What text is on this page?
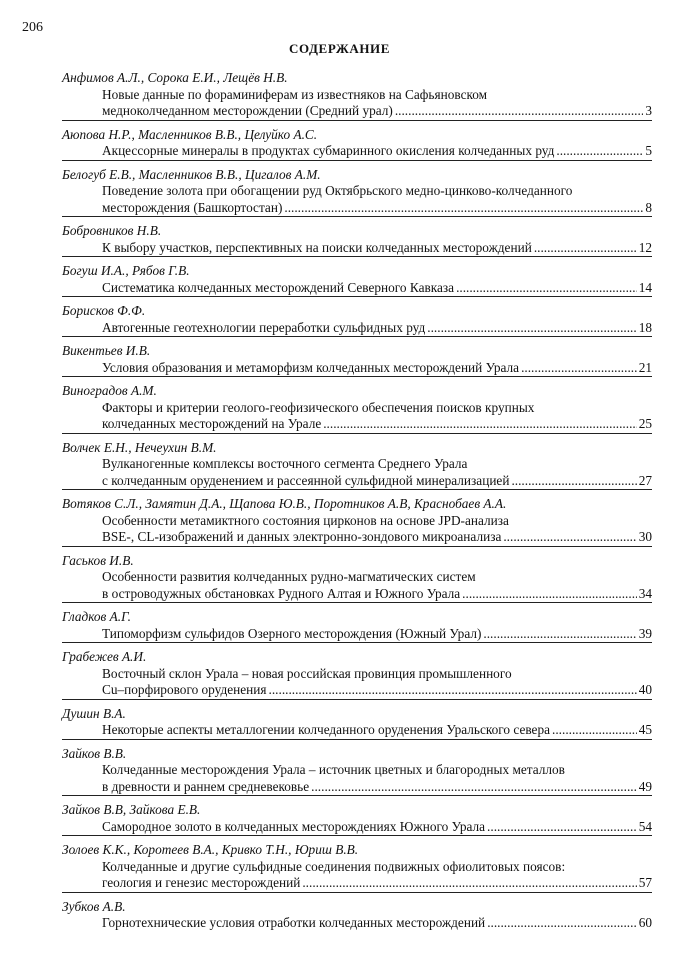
206
СОДЕРЖАНИЕ
Анфимов А.Л., Сорока Е.И., Лещёв Н.В.
Новые данные по фораминиферам из известняков на Сафьяновском
медноколчеданном месторождении (Средний урал) .....	3
Аюпова Н.Р., Масленников В.В., Целуйко А.С.
Акцессорные минералы в продуктах субмаринного окисления колчеданных руд .....	5
Белогуб Е.В., Масленников В.В., Цигалов А.М.
Поведение золота при обогащении руд Октябрьского медно-цинково-колчеданного
месторождения (Башкортостан) .....	8
Бобровников Н.В.
К выбору участков, перспективных на поиски колчеданных месторождений .....	12
Богуш И.А., Рябов Г.В.
Систематика колчеданных месторождений Северного Кавказа .....	14
Борисков Ф.Ф.
Автогенные геотехнологии переработки сульфидных руд .....	18
Викентьев И.В.
Условия образования и метаморфизм колчеданных месторождений Урала .....	21
Виноградов А.М.
Факторы и критерии геолого-геофизического обеспечения поисков крупных
колчеданных месторождений на Урале .....	25
Волчек Е.Н., Нечеухин В.М.
Вулканогенные комплексы восточного сегмента Среднего Урала
с колчеданным оруденением и рассеянной сульфидной минерализацией .....	27
Вотяков С.Л., Замятин Д.А., Щапова Ю.В., Поротников А.В, Краснобаев А.А.
Особенности метамиктного состояния цирконов на основе JPD-анализа
BSE-, CL-изображений и данных электронно-зондового микроанализа .....	30
Гаськов И.В.
Особенности развития колчеданных рудно-магматических систем
в островодужных обстановках Рудного Алтая и Южного Урала .....	34
Гладков А.Г.
Типоморфизм сульфидов Озерного месторождения (Южный Урал) .....	39
Грабежев А.И.
Восточный склон Урала – новая российская провинция промышленного
Cu–порфирового оруденения .....	40
Душин В.А.
Некоторые аспекты металлогении колчеданного оруденения Уральского севера .....	45
Зайков В.В.
Колчеданные месторождения Урала – источник цветных и благородных металлов
в древности и раннем средневековье .....	49
Зайков В.В, Зайкова Е.В.
Самородное золото в колчеданных месторождениях Южного Урала .....	54
Золоев К.К., Коротеев В.А., Кривко Т.Н., Юриш В.В.
Колчеданные и другие сульфидные соединения подвижных офиолитовых поясов:
геология и генезис месторождений .....	57
Зубков А.В.
Горнотехнические условия отработки колчеданных месторождений .....	60
